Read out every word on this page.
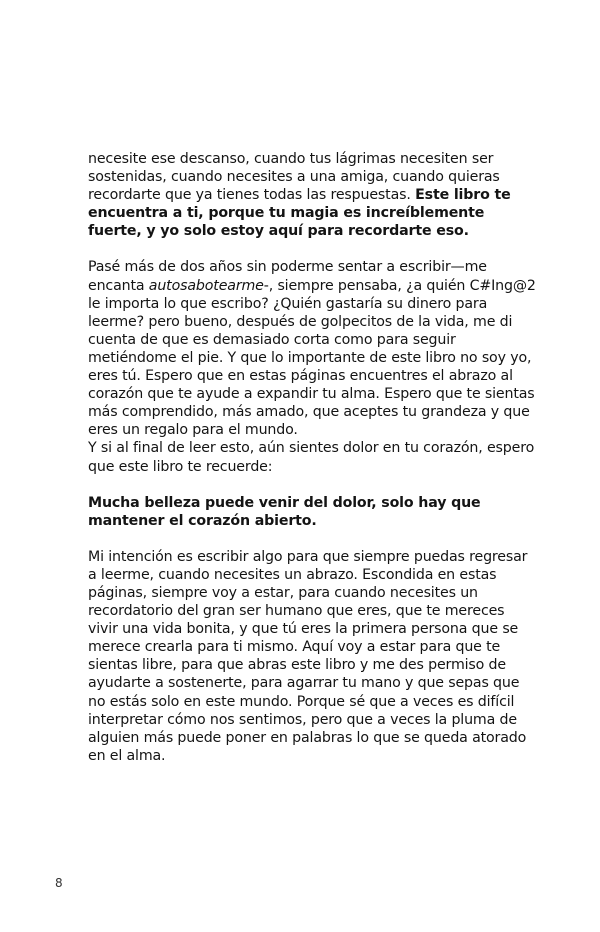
necesite ese descanso, cuando tus lágrimas necesiten ser sostenidas, cuando necesites a una amiga, cuando quieras recordarte que ya tienes todas las respuestas. Este libro te encuentra a ti, porque tu magia es increíblemente fuerte, y yo solo estoy aquí para recordarte eso.

Pasé más de dos años sin poderme sentar a escribir—me encanta autosabotearme-, siempre pensaba, ¿a quién C#Ing@2 le importa lo que escribo? ¿Quién gastaría su dinero para leerme? pero bueno, después de golpecitos de la vida, me di cuenta de que es demasiado corta como para seguir metiéndome el pie. Y que lo importante de este libro no soy yo, eres tú. Espero que en estas páginas encuentres el abrazo al corazón que te ayude a expandir tu alma. Espero que te sientas más comprendido, más amado, que aceptes tu grandeza y que eres un regalo para el mundo.

Y si al final de leer esto, aún sientes dolor en tu corazón, espero que este libro te recuerde:

Mucha belleza puede venir del dolor, solo hay que mantener el corazón abierto.

Mi intención es escribir algo para que siempre puedas regresar a leerme, cuando necesites un abrazo. Escondida en estas páginas, siempre voy a estar, para cuando necesites un recordatorio del gran ser humano que eres, que te mereces vivir una vida bonita, y que tú eres la primera persona que se merece crearla para ti mismo. Aquí voy a estar para que te sientas libre, para que abras este libro y me des permiso de ayudarte a sostenerte, para agarrar tu mano y que sepas que no estás solo en este mundo. Porque sé que a veces es difícil interpretar cómo nos sentimos, pero que a veces la pluma de alguien más puede poner en palabras lo que se queda atorado en el alma.

8
